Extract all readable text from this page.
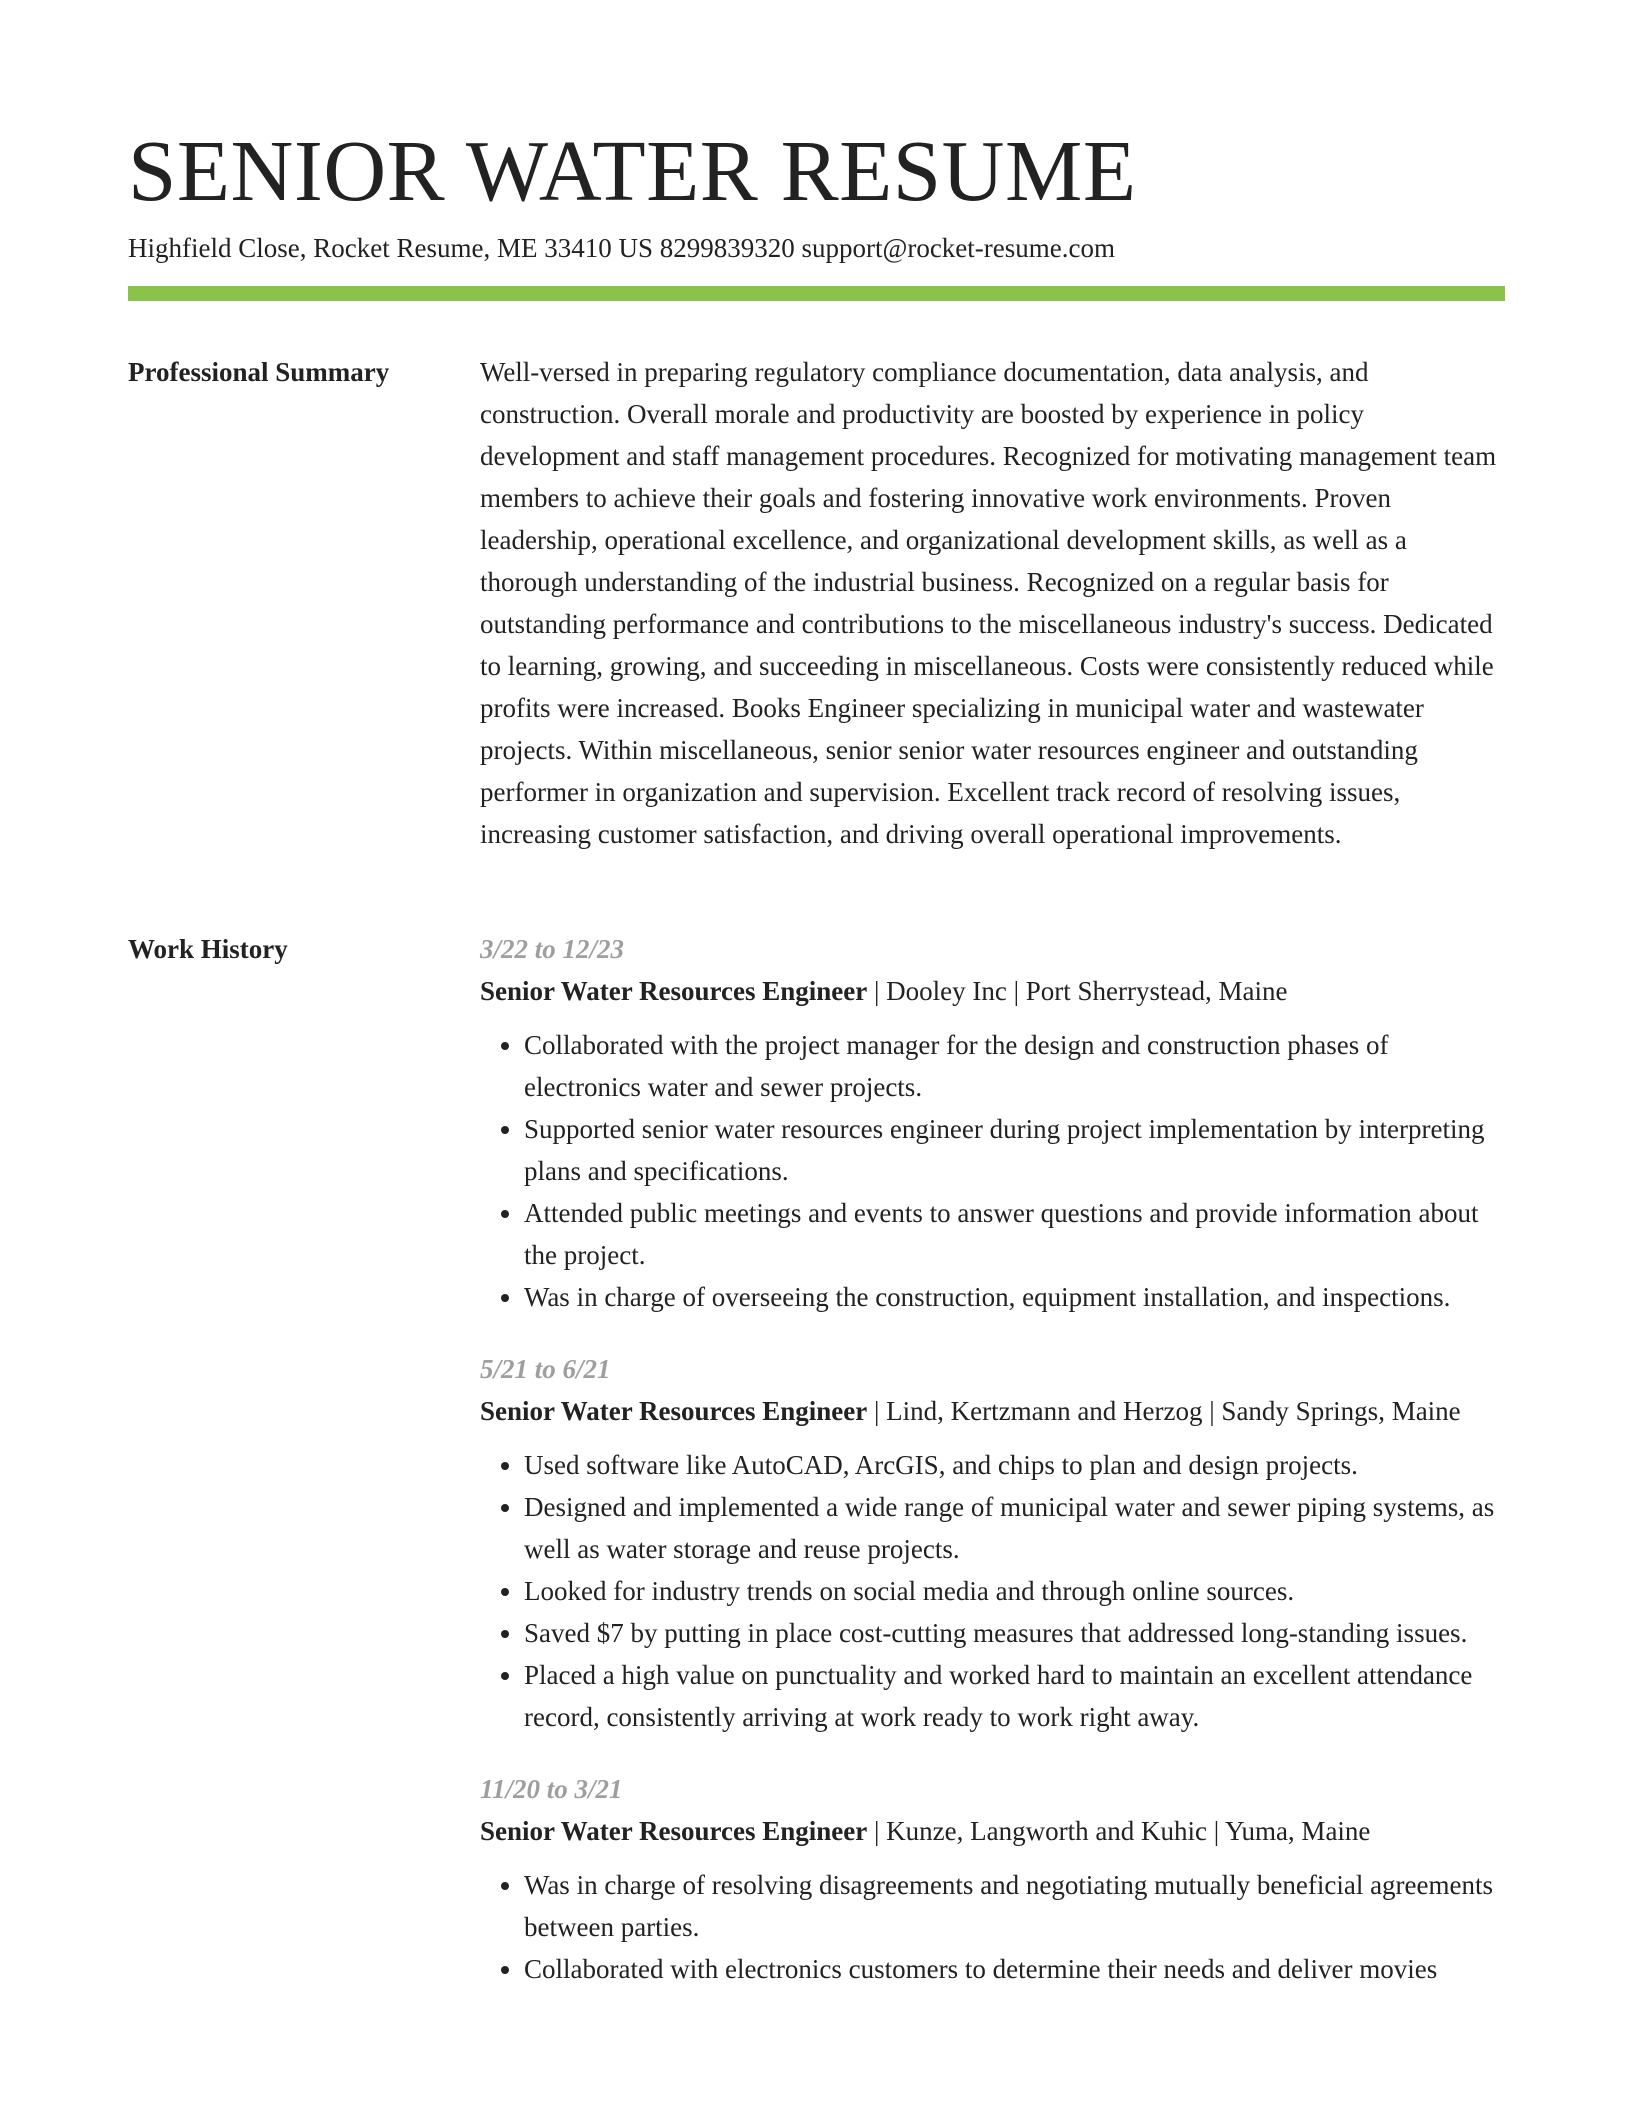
SENIOR WATER RESUME
Highfield Close, Rocket Resume, ME 33410 US 8299839320 support@rocket-resume.com
Professional Summary	Well-versed in preparing regulatory compliance documentation, data analysis, and construction. Overall morale and productivity are boosted by experience in policy development and staff management procedures. Recognized for motivating management team members to achieve their goals and fostering innovative work environments. Proven leadership, operational excellence, and organizational development skills, as well as a thorough understanding of the industrial business. Recognized on a regular basis for outstanding performance and contributions to the miscellaneous industry's success. Dedicated to learning, growing, and succeeding in miscellaneous. Costs were consistently reduced while profits were increased. Books Engineer specializing in municipal water and wastewater projects. Within miscellaneous, senior senior water resources engineer and outstanding performer in organization and supervision. Excellent track record of resolving issues, increasing customer satisfaction, and driving overall operational improvements.

Work History	3/22 to 12/23

Senior Water Resources Engineer | Dooley Inc | Port Sherrystead, Maine

• Collaborated with the project manager for the design and construction phases of electronics water and sewer projects.
• Supported senior water resources engineer during project implementation by interpreting plans and specifications.
• Attended public meetings and events to answer questions and provide information about the project.
• Was in charge of overseeing the construction, equipment installation, and inspections.

5/21 to 6/21

Senior Water Resources Engineer | Lind, Kertzmann and Herzog | Sandy Springs, Maine

• Used software like AutoCAD, ArcGIS, and chips to plan and design projects.
• Designed and implemented a wide range of municipal water and sewer piping systems, as well as water storage and reuse projects.
• Looked for industry trends on social media and through online sources.
• Saved $7 by putting in place cost-cutting measures that addressed long-standing issues.
• Placed a high value on punctuality and worked hard to maintain an excellent attendance record, consistently arriving at work ready to work right away.

11/20 to 3/21

Senior Water Resources Engineer | Kunze, Langworth and Kuhic | Yuma, Maine

• Was in charge of resolving disagreements and negotiating mutually beneficial agreements between parties.
• Collaborated with electronics customers to determine their needs and deliver movies
